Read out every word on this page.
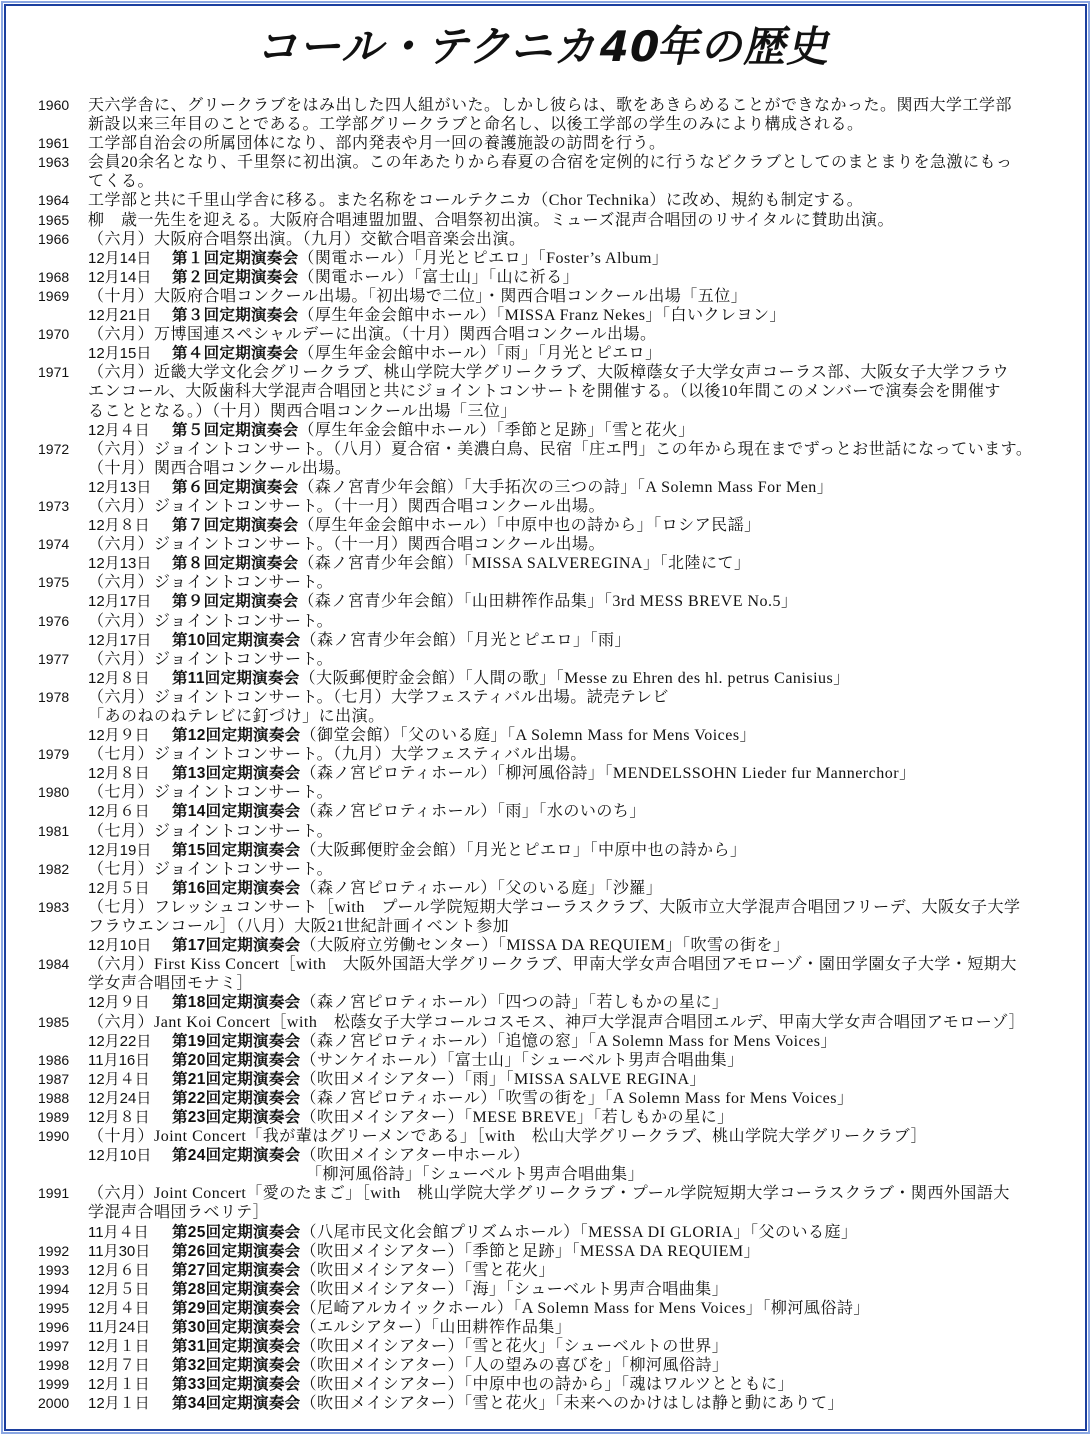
コール・テクニカ40年の歴史
1960 天六学舎に、グリークラブをはみ出した四人組がいた。しかし彼らは、歌をあきらめることができなかった。関西大学工学部
新設以来三年目のことである。工学部グリークラブと命名し、以後工学部の学生のみにより構成される。
1961 工学部自治会の所属団体になり、部内発表や月一回の養護施設の訪問を行う。
1963 会員20余名となり、千里祭に初出演。この年あたりから春夏の合宿を定例的に行うなどクラブとしてのまとまりを急激にもっ
てくる。
1964 工学部と共に千里山学舎に移る。また名称をコールテクニカ（Chor Technika）に改め、規約も制定する。
1965 柳　歳一先生を迎える。大阪府合唱連盟加盟、合唱祭初出演。ミューズ混声合唱団のリサイタルに賛助出演。
1966 （六月）大阪府合唱祭出演。（九月）交歓合唱音楽会出演。
12月14日 第１回定期演奏会（関電ホール）「月光とピエロ」「Foster’s Album」
1968 12月14日 第２回定期演奏会（関電ホール）「富士山」「山に祈る」
1969 （十月）大阪府合唱コンクール出場。「初出場で二位」・関西合唱コンクール出場「五位」
12月21日 第３回定期演奏会（厚生年金会館中ホール）「MISSA Franz Nekes」「白いクレヨン」
1970 （六月）万博国連スペシャルデーに出演。（十月）関西合唱コンクール出場。
12月15日 第４回定期演奏会（厚生年金会館中ホール）「雨」「月光とピエロ」
1971 （六月）近畿大学文化会グリークラブ、桃山学院大学グリークラブ、大阪樟蔭女子大学女声コーラス部、大阪女子大学フラウ
エンコール、大阪歯科大学混声合唱団と共にジョイントコンサートを開催する。（以後10年間このメンバーで演奏会を開催す
ることとなる。）（十月）関西合唱コンクール出場「三位」
12月４日 第５回定期演奏会（厚生年金会館中ホール）「季節と足跡」「雪と花火」
1972 （六月）ジョイントコンサート。（八月）夏合宿・美濃白鳥、民宿「庄エ門」この年から現在までずっとお世話になっています。
（十月）関西合唱コンクール出場。
12月13日 第６回定期演奏会（森ノ宮青少年会館）「大手拓次の三つの詩」「A Solemn Mass For Men」
1973 （六月）ジョイントコンサート。（十一月）関西合唱コンクール出場。
12月８日 第７回定期演奏会（厚生年金会館中ホール）「中原中也の詩から」「ロシア民謡」
1974 （六月）ジョイントコンサート。（十一月）関西合唱コンクール出場。
12月13日 第８回定期演奏会（森ノ宮青少年会館）「MISSA SALVEREGINA」「北陸にて」
1975 （六月）ジョイントコンサート。
12月17日 第９回定期演奏会（森ノ宮青少年会館）「山田耕筰作品集」「3rd MESS BREVE No.5」
1976 （六月）ジョイントコンサート。
12月17日 第10回定期演奏会（森ノ宮青少年会館）「月光とピエロ」「雨」
1977 （六月）ジョイントコンサート。
12月８日 第11回定期演奏会（大阪郵便貯金会館）「人間の歌」「Messe zu Ehren des hl. petrus Canisius」
1978 （六月）ジョイントコンサート。（七月）大学フェスティバル出場。読売テレビ
「あのねのねテレビに釘づけ」に出演。
12月９日 第12回定期演奏会（御堂会館）「父のいる庭」「A Solemn Mass for Mens Voices」
1979 （七月）ジョイントコンサート。（九月）大学フェスティバル出場。
12月８日 第13回定期演奏会（森ノ宮ピロティホール）「柳河風俗詩」「MENDELSSOHN Lieder fur Mannerchor」
1980 （七月）ジョイントコンサート。
12月６日 第14回定期演奏会（森ノ宮ピロティホール）「雨」「水のいのち」
1981 （七月）ジョイントコンサート。
12月19日 第15回定期演奏会（大阪郵便貯金会館）「月光とピエロ」「中原中也の詩から」
1982 （七月）ジョイントコンサート。
12月５日 第16回定期演奏会（森ノ宮ピロティホール）「父のいる庭」「沙羅」
1983 （七月）フレッシュコンサート［with　プール学院短期大学コーラスクラブ、大阪市立大学混声合唱団フリーデ、大阪女子大学
フラウエンコール］（八月）大阪21世紀計画イベント参加
12月10日 第17回定期演奏会（大阪府立労働センター）「MISSA DA REQUIEM」「吹雪の街を」
1984 （六月）First Kiss Concert［with　大阪外国語大学グリークラブ、甲南大学女声合唱団アモローゾ・園田学園女子大学・短期大
学女声合唱団モナミ］
12月９日 第18回定期演奏会（森ノ宮ピロティホール）「四つの詩」「若しもかの星に」
1985 （六月）Jant Koi Concert［with　松蔭女子大学コールコスモス、神戸大学混声合唱団エルデ、甲南大学女声合唱団アモローゾ］
12月22日 第19回定期演奏会（森ノ宮ピロティホール）「追憶の窓」「A Solemn Mass for Mens Voices」
1986 11月16日 第20回定期演奏会（サンケイホール）「富士山」「シューベルト男声合唱曲集」
1987 12月４日 第21回定期演奏会（吹田メイシアター）「雨」「MISSA SALVE REGINA」
1988 12月24日 第22回定期演奏会（森ノ宮ピロティホール）「吹雪の街を」「A Solemn Mass for Mens Voices」
1989 12月８日 第23回定期演奏会（吹田メイシアター）「MESE BREVE」「若しもかの星に」
1990 （十月）Joint Concert「我が輩はグリーメンである」［with　松山大学グリークラブ、桃山学院大学グリークラブ］
12月10日 第24回定期演奏会（吹田メイシアター中ホール）
「柳河風俗詩」「シューベルト男声合唱曲集」
1991 （六月）Joint Concert「愛のたまご」［with　桃山学院大学グリークラブ・プール学院短期大学コーラスクラブ・関西外国語大
学混声合唱団ラベリテ］
11月４日 第25回定期演奏会（八尾市民文化会館プリズムホール）「MESSA DI GLORIA」「父のいる庭」
1992 11月30日 第26回定期演奏会（吹田メイシアター）「季節と足跡」「MESSA DA REQUIEM」
1993 12月６日 第27回定期演奏会（吹田メイシアター）「雪と花火」
1994 12月５日 第28回定期演奏会（吹田メイシアター）「海」「シューベルト男声合唱曲集」
1995 12月４日 第29回定期演奏会（尼崎アルカイックホール）「A Solemn Mass for Mens Voices」「柳河風俗詩」
1996 11月24日 第30回定期演奏会（エルシアター）「山田耕筰作品集」
1997 12月１日 第31回定期演奏会（吹田メイシアター）「雪と花火」「シューベルトの世界」
1998 12月７日 第32回定期演奏会（吹田メイシアター）「人の望みの喜びを」「柳河風俗詩」
1999 12月１日 第33回定期演奏会（吹田メイシアター）「中原中也の詩から」「魂はワルツとともに」
2000 12月１日 第34回定期演奏会（吹田メイシアター）「雪と花火」「未来へのかけはしは静と動にありて」
